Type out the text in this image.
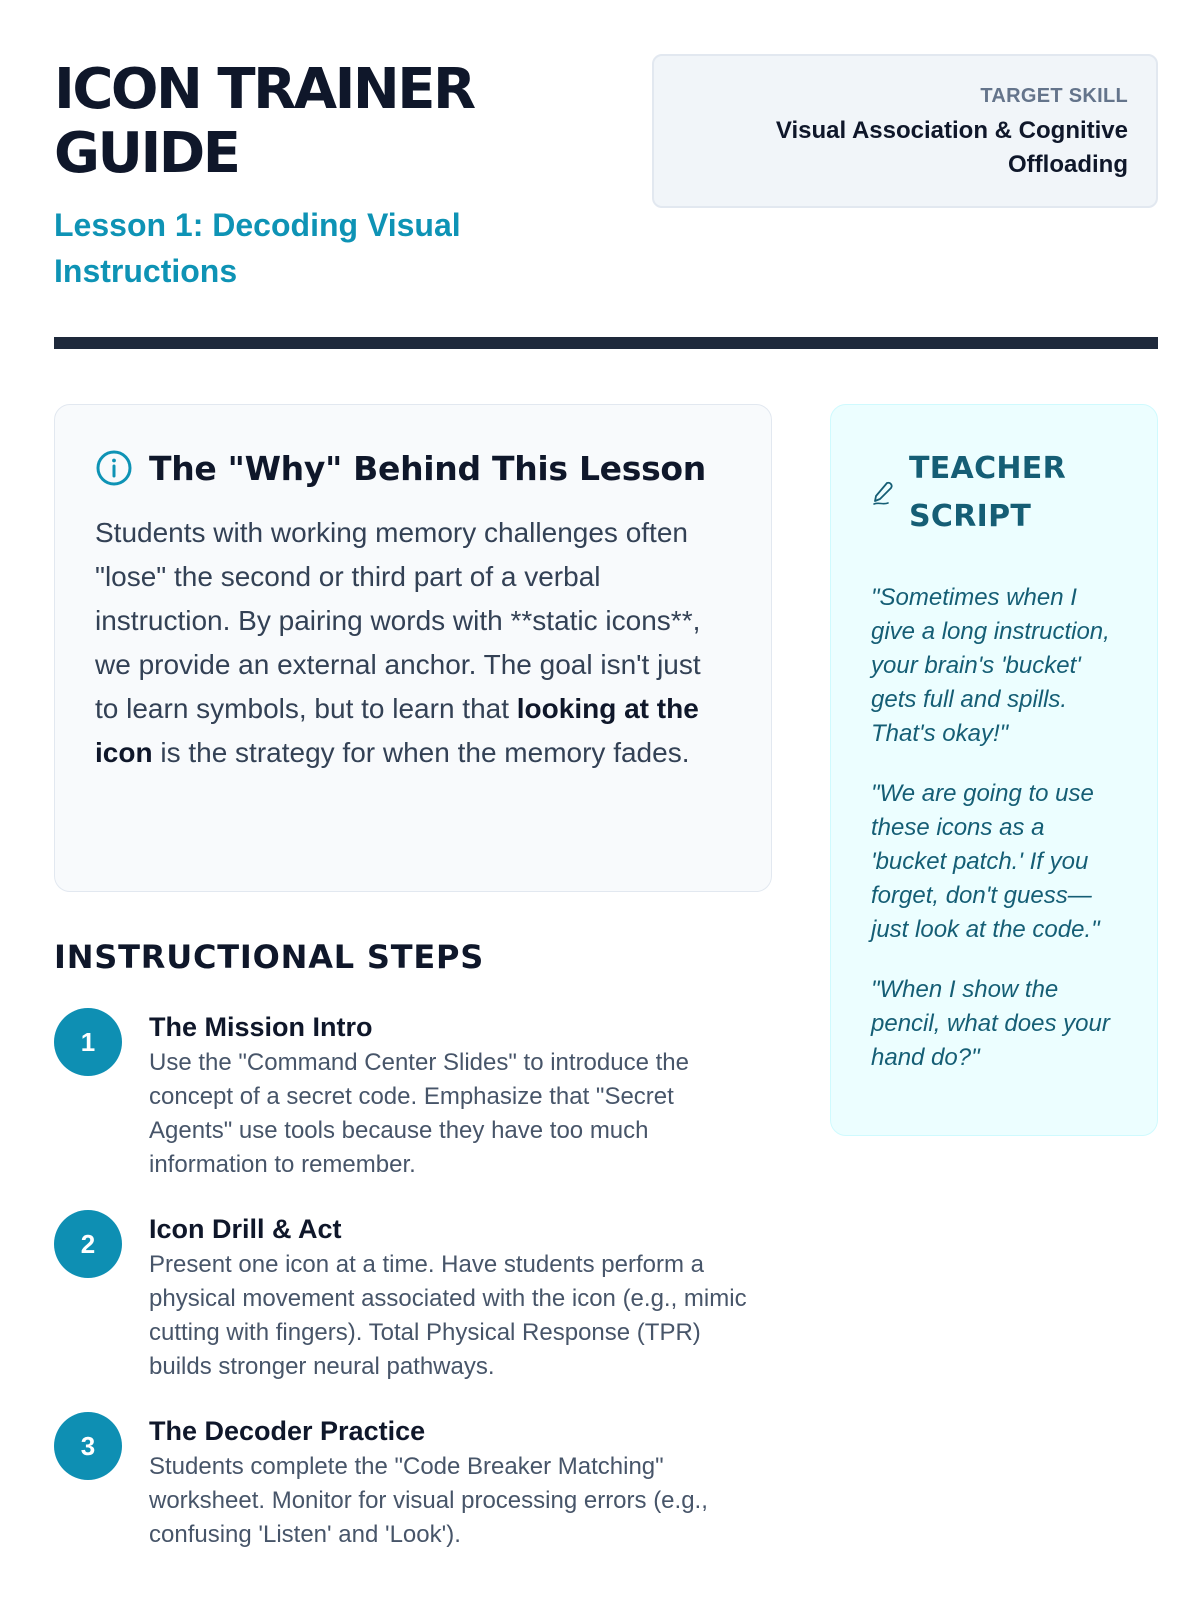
ICON TRAINER GUIDE
Lesson 1: Decoding Visual Instructions
TARGET SKILL
Visual Association & Cognitive Offloading
The "Why" Behind This Lesson

Students with working memory challenges often "lose" the second or third part of a verbal instruction. By pairing words with **static icons**, we provide an external anchor. The goal isn't just to learn symbols, but to learn that looking at the icon is the strategy for when the memory fades.

INSTRUCTIONAL STEPS
1	The Mission Intro
Use the "Command Center Slides" to introduce the concept of a secret code. Emphasize that "Secret Agents" use tools because they have too much information to remember.
2	Icon Drill & Act
Present one icon at a time. Have students perform a physical movement associated with the icon (e.g., mimic cutting with fingers). Total Physical Response (TPR) builds stronger neural pathways.
3	The Decoder Practice
Students complete the "Code Breaker Matching" worksheet. Monitor for visual processing errors (e.g., confusing 'Listen' and 'Look').
TEACHER SCRIPT

"Sometimes when I give a long instruction, your brain's 'bucket' gets full and spills. That's okay!"

"We are going to use these icons as a 'bucket patch.' If you forget, don't guess—just look at the code."

"When I show the pencil, what does your hand do?"
